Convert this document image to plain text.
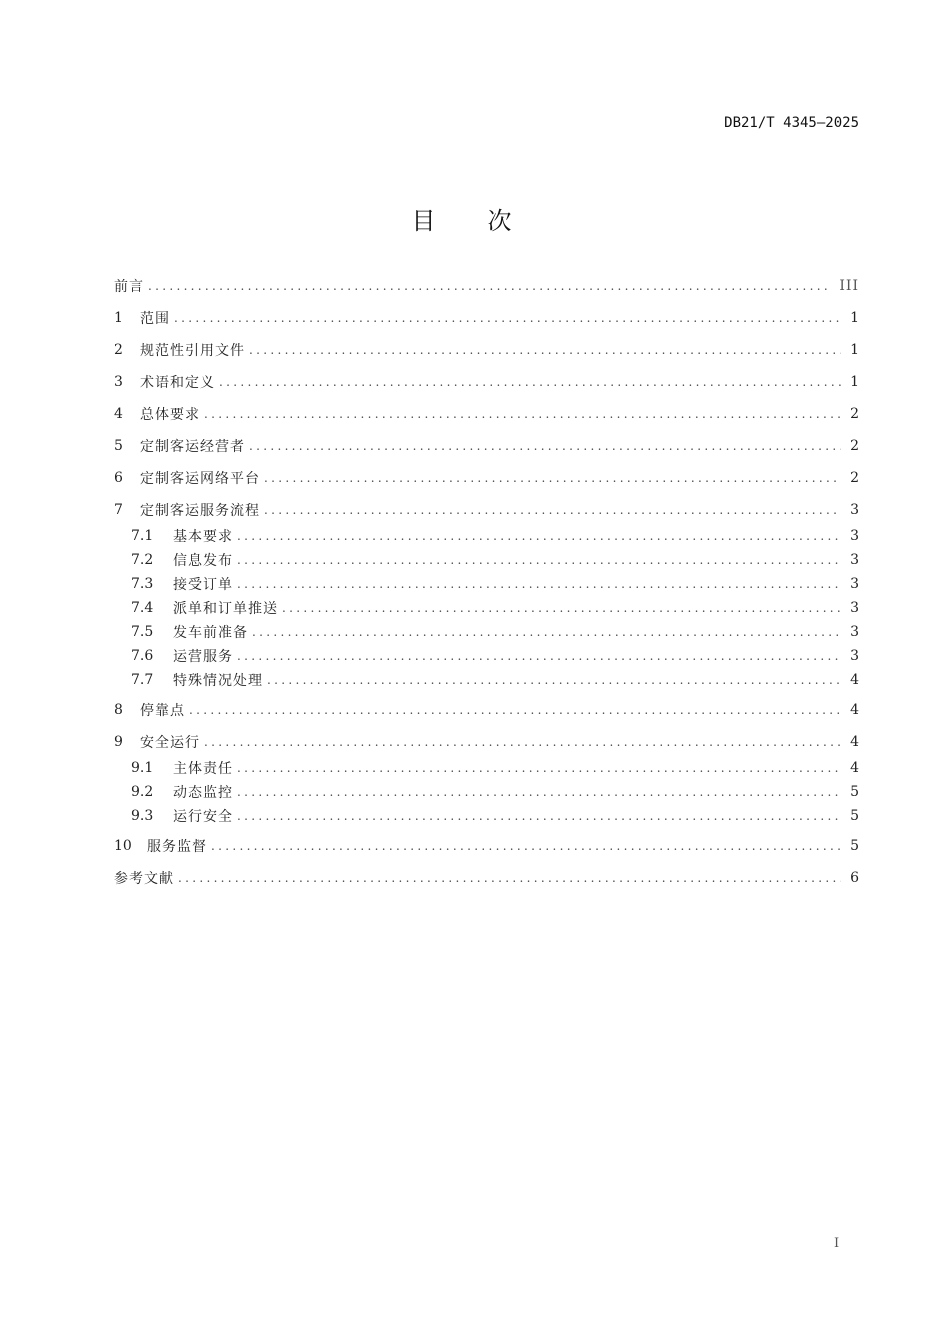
DB21/T 4345—2025
目次
前言 .....	III
1	范围 .....	1
2	规范性引用文件 .....	1
3	术语和定义 .....	1
4	总体要求 .....	2
5	定制客运经营者 .....	2
6	定制客运网络平台 .....	2
7	定制客运服务流程 .....	3
7.1	基本要求 .....	3
7.2	信息发布 .....	3
7.3	接受订单 .....	3
7.4	派单和订单推送 .....	3
7.5	发车前准备 .....	3
7.6	运营服务 .....	3
7.7	特殊情况处理 .....	4
8	停靠点 .....	4
9	安全运行 .....	4
9.1	主体责任 .....	4
9.2	动态监控 .....	5
9.3	运行安全 .....	5
10	服务监督 .....	5
参考文献 .....	6
I
